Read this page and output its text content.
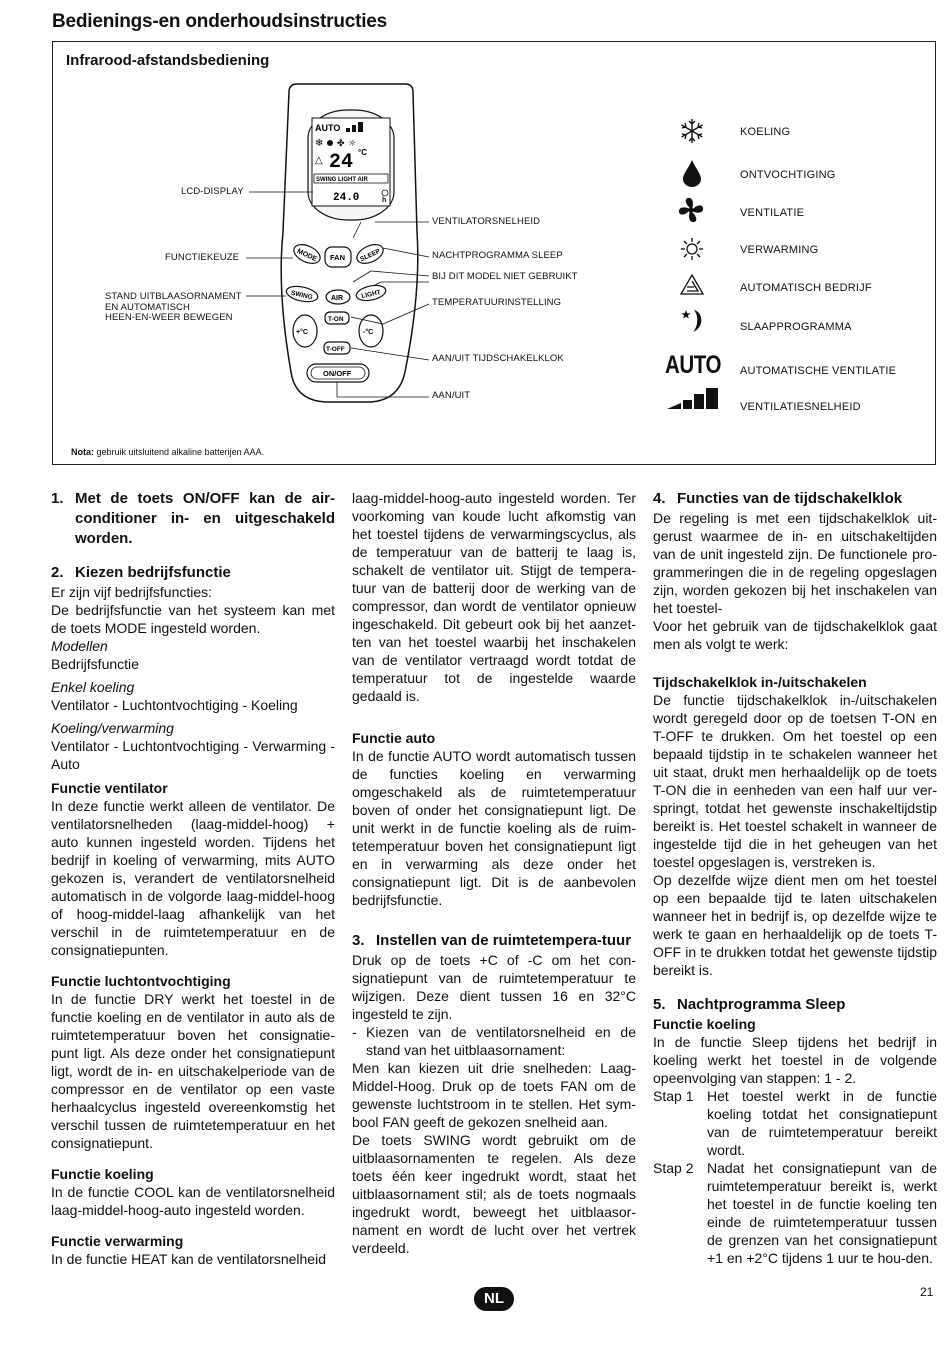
Bedienings-en onderhoudsinstructies
Infrarood-afstandsbediening
AUTO
❄ ✤ ☼
△ 24 °C
SWING LIGHT AIR
24.0	h
MODE FAN SLEEP
SWING	AIR	LIGHT
T-ON
+°C	-°C
T-OFF
ON/OFF
LCD-DISPLAY
FUNCTIEKEUZE
STAND UITBLAASORNAMENT
EN AUTOMATISCH
HEEN-EN-WEER BEWEGEN
VENTILATORSNELHEID
NACHTPROGRAMMA SLEEP
BIJ DIT MODEL NIET GEBRUIKT
TEMPERATUURINSTELLING
AAN/UIT TIJDSCHAKELKLOK
AAN/UIT
KOELING
ONTVOCHTIGING
VENTILATIE
VERWARMING
AUTOMATISCH BEDRIJF
SLAAPPROGRAMMA
AUTO AUTOMATISCHE VENTILATIE
VENTILATIESNELHEID
Nota: gebruik uitsluitend alkaline batterijen AAA.
1. Met de toets ON/OFF kan de air-conditioner in- en uitgeschakeld worden.
2. Kiezen bedrijfsfunctie

Er zijn vijf bedrijfsfuncties:

De bedrijfsfunctie van het systeem kan met de toets MODE ingesteld worden.

Modellen

Bedrijfsfunctie

Enkel koeling

Ventilator - Luchtontvochtiging - Koeling

Koeling/verwarming

Ventilator - Luchtontvochtiging - Verwarming - Auto

Functie ventilator

In deze functie werkt alleen de ventilator. De ventilatorsnelheden (laag-middel-hoog) + auto kunnen ingesteld worden. Tijdens het bedrijf in koeling of verwarming, mits AUTO gekozen is, verandert de ventilatorsnelheid automatisch in de volgorde laag-middel-hoog of hoog-middel-laag afhankelijk van het verschil in de ruimtetemperatuur en de consignatiepunten.

Functie luchtontvochtiging

In de functie DRY werkt het toestel in de functie koeling en de ventilator in auto als de ruimtetemperatuur boven het consignatie-punt ligt. Als deze onder het consignatiepunt ligt, wordt de in- en uitschakelperiode van de compressor en de ventilator op een vaste herhaalcyclus ingesteld overeenkomstig het verschil tussen de ruimtetemperatuur en het consignatiepunt.

Functie koeling

In de functie COOL kan de ventilatorsnelheid laag-middel-hoog-auto ingesteld worden.

Functie verwarming

In de functie HEAT kan de ventilatorsnelheid

laag-middel-hoog-auto ingesteld worden. Ter voorkoming van koude lucht afkomstig van het toestel tijdens de verwarmingscyclus, als de temperatuur van de batterij te laag is, schakelt de ventilator uit. Stijgt de tempera-tuur van de batterij door de werking van de compressor, dan wordt de ventilator opnieuw ingeschakeld. Dit gebeurt ook bij het aanzet-ten van het toestel waarbij het inschakelen van de ventilator vertraagd wordt totdat de temperatuur tot de ingestelde waarde gedaald is.

Functie auto

In de functie AUTO wordt automatisch tussen de functies koeling en verwarming omgeschakeld als de ruimtetemperatuur boven of onder het consignatiepunt ligt. De unit werkt in de functie koeling als de ruim-tetemperatuur boven het consignatiepunt ligt en in verwarming als deze onder het consignatiepunt ligt. Dit is de aanbevolen bedrijfsfunctie.

3. Instellen van de ruimtetempera-tuur

Druk op de toets +C of -C om het con-signatiepunt van de ruimtetemperatuur te wijzigen. Deze dient tussen 16 en 32°C ingesteld te zijn.

- Kiezen van de ventilatorsnelheid en de stand van het uitblaasornament:

Men kan kiezen uit drie snelheden: Laag-Middel-Hoog. Druk op de toets FAN om de gewenste luchtstroom in te stellen. Het sym-bool FAN geeft de gekozen snelheid aan.

De toets SWING wordt gebruikt om de uitblaasornamenten te regelen. Als deze toets één keer ingedrukt wordt, staat het uitblaasornament stil; als de toets nogmaals ingedrukt wordt, beweegt het uitblaasor-nament en wordt de lucht over het vertrek verdeeld.

4. Functies van de tijdschakelklok

De regeling is met een tijdschakelklok uit-gerust waarmee de in- en uitschakeltijden van de unit ingesteld zijn. De functionele pro-grammeringen die in de regeling opgeslagen zijn, worden gekozen bij het inschakelen van het toestel-

Voor het gebruik van de tijdschakelklok gaat men als volgt te werk:

Tijdschakelklok in-/uitschakelen

De functie tijdschakelklok in-/uitschakelen wordt geregeld door op de toetsen T-ON en T-OFF te drukken. Om het toestel op een bepaald tijdstip in te schakelen wanneer het uit staat, drukt men herhaaldelijk op de toets T-ON die in eenheden van een half uur ver-springt, totdat het gewenste inschakeltijdstip bereikt is. Het toestel schakelt in wanneer de ingestelde tijd die in het geheugen van het toestel opgeslagen is, verstreken is.

Op dezelfde wijze dient men om het toestel op een bepaalde tijd te laten uitschakelen wanneer het in bedrijf is, op dezelfde wijze te werk te gaan en herhaaldelijk op de toets T-OFF in te drukken totdat het gewenste tijdstip bereikt is.

5. Nachtprogramma Sleep
Functie koeling

In de functie Sleep tijdens het bedrijf in koeling werkt het toestel in de volgende opeenvolging van stappen: 1 - 2.

Stap 1 Het toestel werkt in de functie koeling totdat het consignatiepunt van de ruimtetemperatuur bereikt wordt.
Stap 2 Nadat het consignatiepunt van de ruimtetemperatuur bereikt is, werkt het toestel in de functie koeling ten einde de ruimtetemperatuur tussen de grenzen van het consignatiepunt +1 en +2°C tijdens 1 uur te hou-den.
NL	21
